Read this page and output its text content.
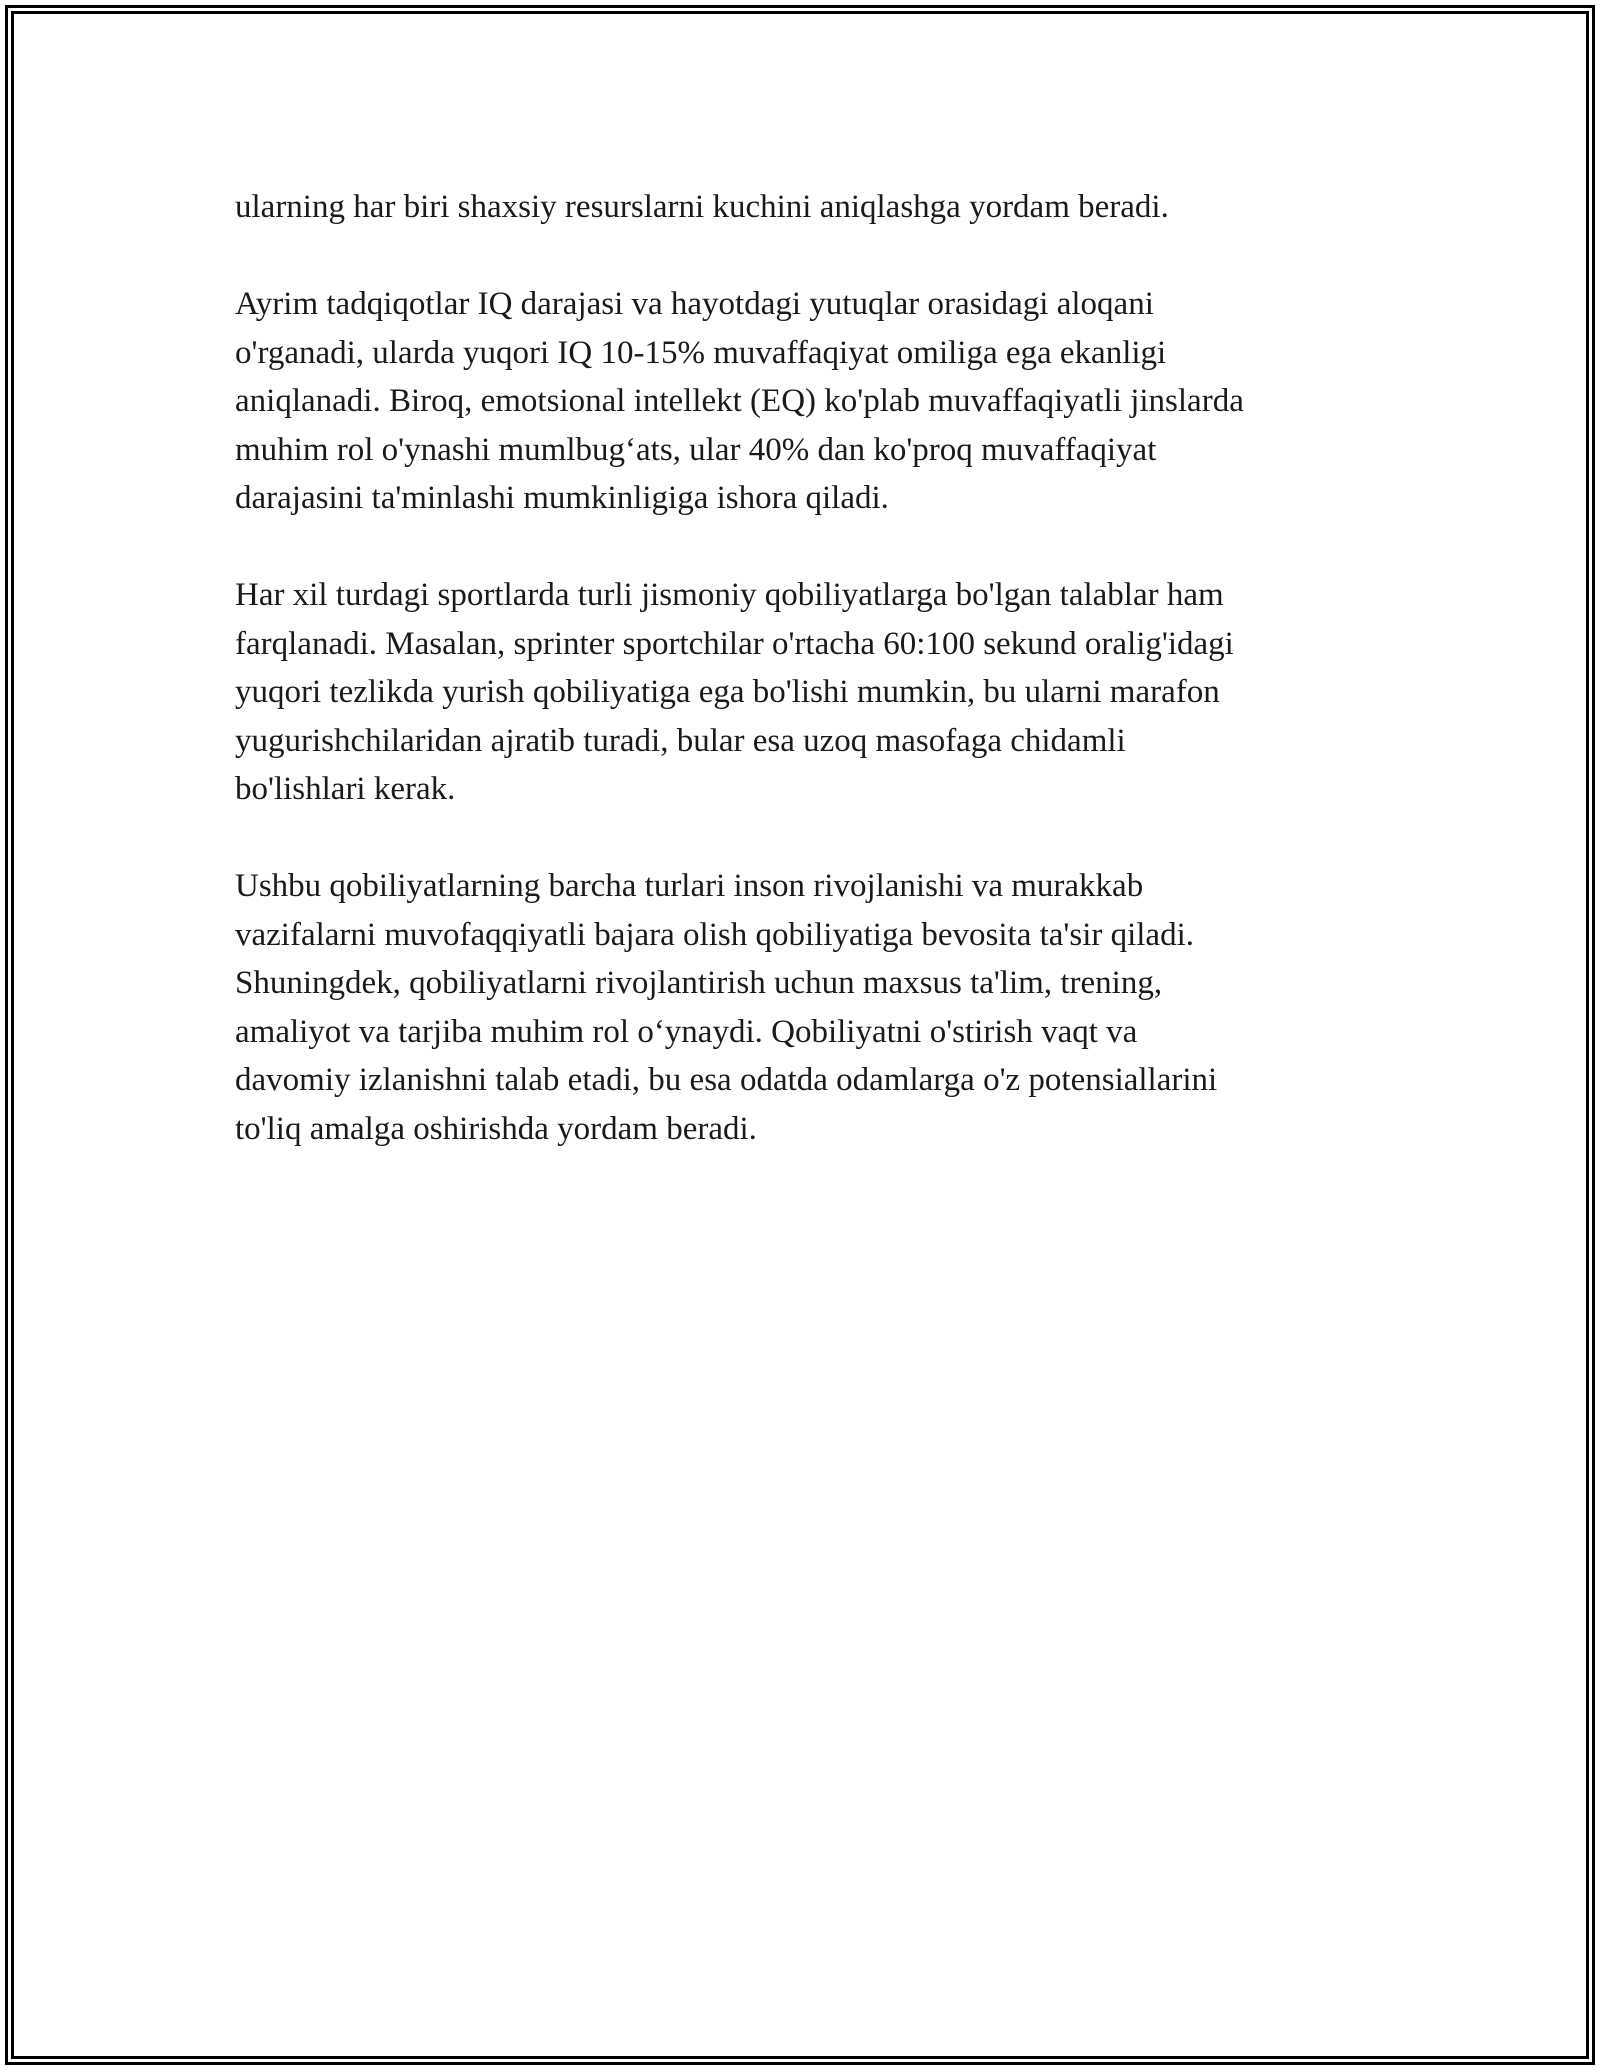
ularning har biri shaxsiy resurslarni kuchini aniqlashga yordam beradi.

Ayrim tadqiqotlar IQ darajasi va hayotdagi yutuqlar orasidagi aloqani
o'rganadi, ularda yuqori IQ 10-15% muvaffaqiyat omiliga ega ekanligi
aniqlanadi. Biroq, emotsional intellekt (EQ) ko'plab muvaffaqiyatli jinslarda
muhim rol o'ynashi mumlbug‘ats, ular 40% dan ko'proq muvaffaqiyat
darajasini ta'minlashi mumkinligiga ishora qiladi.

Har xil turdagi sportlarda turli jismoniy qobiliyatlarga bo'lgan talablar ham
farqlanadi. Masalan, sprinter sportchilar o'rtacha 60:100 sekund oralig'idagi
yuqori tezlikda yurish qobiliyatiga ega bo'lishi mumkin, bu ularni marafon
yugurishchilaridan ajratib turadi, bular esa uzoq masofaga chidamli
bo'lishlari kerak.

Ushbu qobiliyatlarning barcha turlari inson rivojlanishi va murakkab
vazifalarni muvofaqqiyatli bajara olish qobiliyatiga bevosita ta'sir qiladi.
Shuningdek, qobiliyatlarni rivojlantirish uchun maxsus ta'lim, trening,
amaliyot va tarjiba muhim rol o‘ynaydi. Qobiliyatni o'stirish vaqt va
davomiy izlanishni talab etadi, bu esa odatda odamlarga o'z potensiallarini
to'liq amalga oshirishda yordam beradi.
